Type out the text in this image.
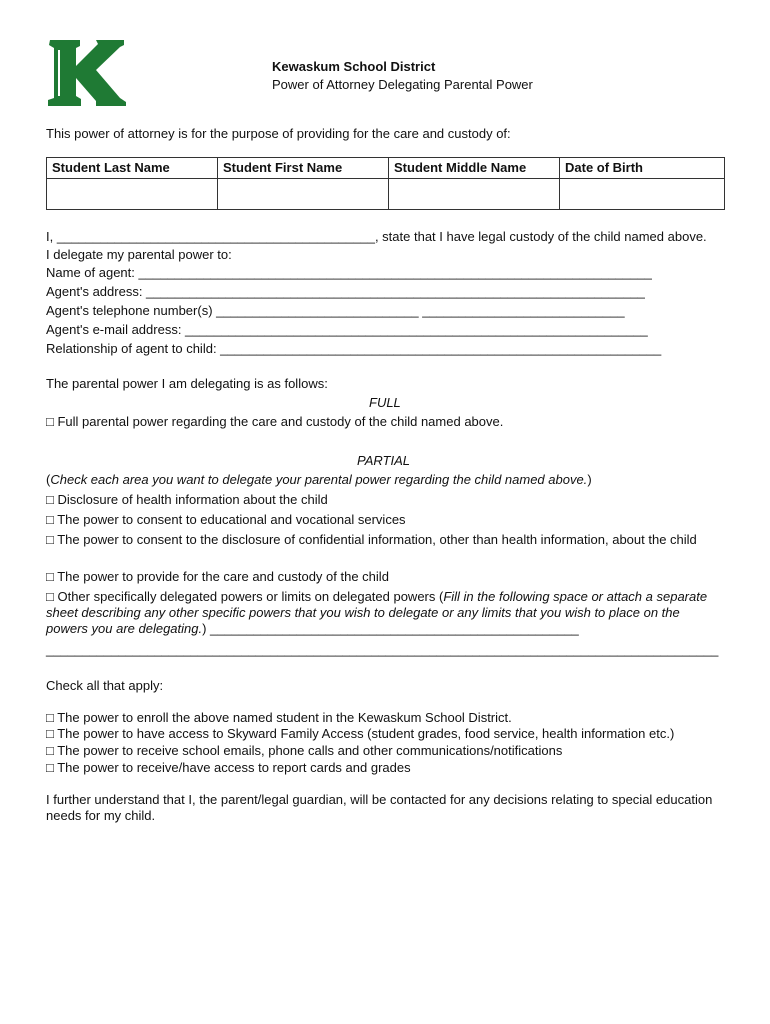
Kewaskum School District
Power of Attorney Delegating Parental Power
This power of attorney is for the purpose of providing for the care and custody of:
Student Last Name	Student First Name	Student Middle Name	Date of Birth

I, ____________________________________________, state that I have legal custody of the child named above.
I delegate my parental power to:
Name of agent: _______________________________________________________________________
Agent's address: _____________________________________________________________________
Agent's telephone number(s) ____________________________ ____________________________
Agent's e-mail address: ________________________________________________________________
Relationship of agent to child: _____________________________________________________________
The parental power I am delegating is as follows:
FULL
□ Full parental power regarding the care and custody of the child named above.
PARTIAL
(Check each area you want to delegate your parental power regarding the child named above.)
□ Disclosure of health information about the child
□ The power to consent to educational and vocational services
□ The power to consent to the disclosure of confidential information, other than health information, about the child
□ The power to provide for the care and custody of the child
□ Other specifically delegated powers or limits on delegated powers (Fill in the following space or attach a separate sheet describing any other specific powers that you wish to delegate or any limits that you wish to place on the powers you are delegating.) ___________________________________________________
_____________________________________________________________________________________________
Check all that apply:
□ The power to enroll the above named student in the Kewaskum School District.
□ The power to have access to Skyward Family Access (student grades, food service, health information etc.)
□ The power to receive school emails, phone calls and other communications/notifications
□ The power to receive/have access to report cards and grades
I further understand that I, the parent/legal guardian, will be contacted for any decisions relating to special education needs for my child.
